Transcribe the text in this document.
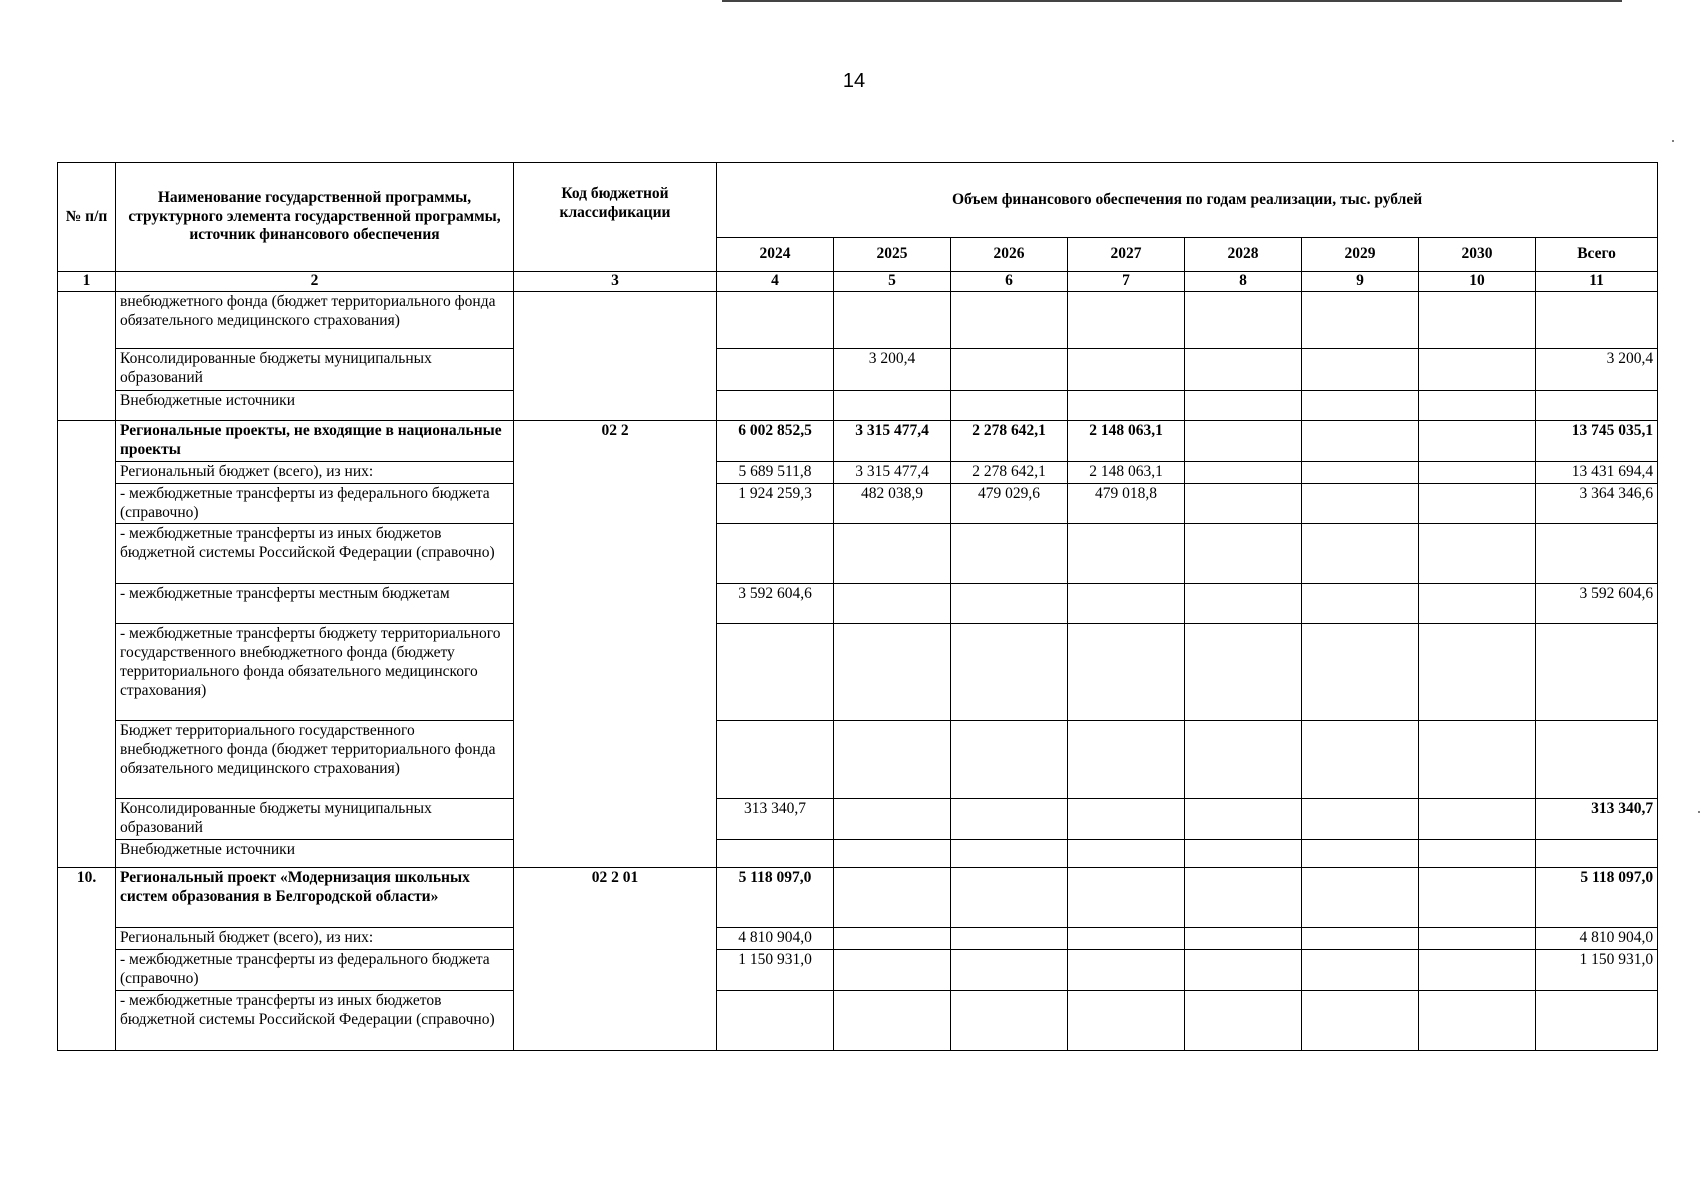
14
№ п/п	Наименование государственной программы, структурного элемента государственной программы, источник финансового обеспечения	Код бюджетной классификации	Объем финансового обеспечения по годам реализации, тыс. рублей							
			2024	2025	2026	2027	2028	2029	2030	Всего
1	2	3	4	5	6	7	8	9	10	11
	внебюджетного фонда (бюджет территориального фонда обязательного медицинского страхования)									
	Консолидированные бюджеты муниципальных образований			3 200,4						3 200,4
	Внебюджетные источники									
	Региональные проекты, не входящие в национальные проекты	02 2	6 002 852,5	3 315 477,4	2 278 642,1	2 148 063,1				13 745 035,1
	Региональный бюджет (всего), из них:		5 689 511,8	3 315 477,4	2 278 642,1	2 148 063,1				13 431 694,4
	- межбюджетные трансферты из федерального бюджета (справочно)		1 924 259,3	482 038,9	479 029,6	479 018,8				3 364 346,6
	- межбюджетные трансферты из иных бюджетов бюджетной системы Российской Федерации (справочно)									
	- межбюджетные трансферты местным бюджетам		3 592 604,6							3 592 604,6
	- межбюджетные трансферты бюджету территориального государственного внебюджетного фонда (бюджету территориального фонда обязательного медицинского страхования)									
	Бюджет территориального государственного внебюджетного фонда (бюджет территориального фонда обязательного медицинского страхования)									
	Консолидированные бюджеты муниципальных образований		313 340,7							313 340,7
	Внебюджетные источники									
10.	Региональный проект «Модернизация школьных систем образования в Белгородской области»	02 2 01	5 118 097,0							5 118 097,0
	Региональный бюджет (всего), из них:		4 810 904,0							4 810 904,0
	- межбюджетные трансферты из федерального бюджета (справочно)		1 150 931,0							1 150 931,0
	- межбюджетные трансферты из иных бюджетов бюджетной системы Российской Федерации (справочно)									
